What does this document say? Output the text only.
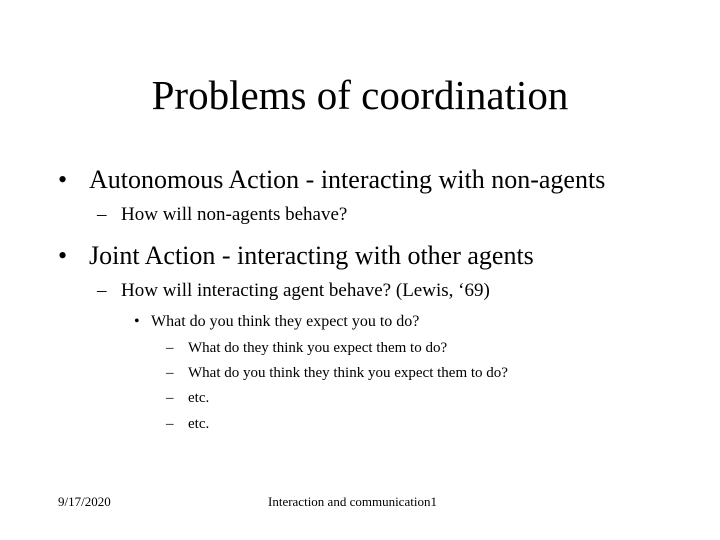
Problems of coordination
• Autonomous Action - interacting with non-agents
– How will non-agents behave?
• Joint Action - interacting with other agents
– How will interacting agent behave? (Lewis, ‘69)
• What do you think they expect you to do?
– What do they think you expect them to do?
– What do you think they think you expect them to do?
– etc.
– etc.
9/17/2020	Interaction and communication1
